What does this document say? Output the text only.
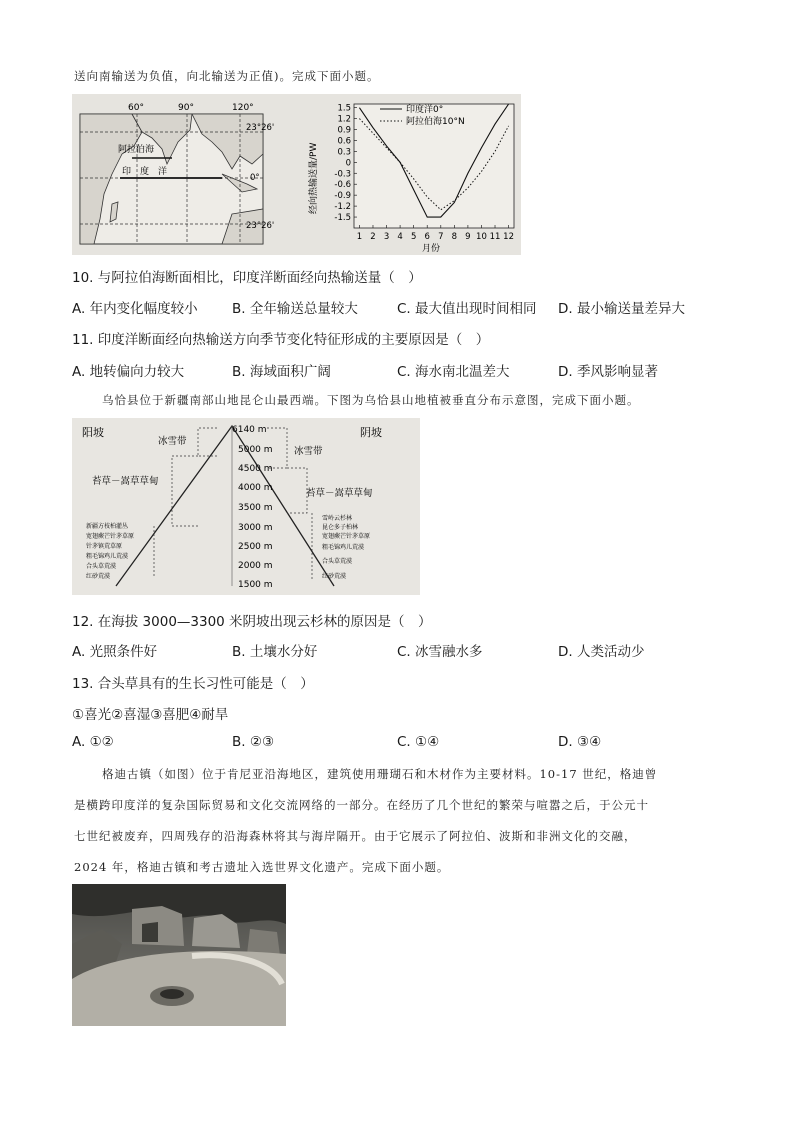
送向南输送为负值，向北输送为正值)。完成下面小题。
60°	90°	120°
23°26'
0°
23°26'
阿拉伯海
印　度　洋	经向热输送量/PW
1.5
1.2
0.9
0.6
0.3
0
-0.3
-0.6
-0.9
-1.2
-1.5
1 2 3 4 5 6 7 8 9 10 11 12
印度洋0°
阿拉伯海10°N
月份
10. 与阿拉伯海断面相比，印度洋断面经向热输送量（　）
A. 年内变化幅度较小	B. 全年输送总量较大	C. 最大值出现时间相同 D. 最小输送量差异大
11. 印度洋断面经向热输送方向季节变化特征形成的主要原因是（　）
A. 地转偏向力较大	B. 海域面积广阔	C. 海水南北温差大	D. 季风影响显著
乌恰县位于新疆南部山地昆仑山最西端。下图为乌恰县山地植被垂直分布示意图，完成下面小题。
阳坡	阴坡
6140 m
5000 m
4500 m
4000 m
3500 m
3000 m
2500 m
2000 m
1500 m
冰雪带
苔草－嵩草草甸
新疆方枝柏灌丛
宽翅蕨芒针茅草原
针茅镇荒草原
粗毛锦鸡儿荒漠
合头草荒漠
红砂荒漠
冰雪带
苔草－嵩草草甸
雪岭云杉林
昆仑多子柏林
宽翅蕨芒针茅草原
粗毛锦鸡儿荒漠
合头草荒漠
红砂荒漠
12. 在海拔 3000—3300 米阴坡出现云杉林的原因是（　）
A. 光照条件好	B. 土壤水分好	C. 冰雪融水多	D. 人类活动少
13. 合头草具有的生长习性可能是（　）
①喜光②喜湿③喜肥④耐旱
A. ①②	B. ②③	C. ①④	D. ③④
格迪古镇（如图）位于肯尼亚沿海地区，建筑使用珊瑚石和木材作为主要材料。10-17 世纪，格迪曾
是横跨印度洋的复杂国际贸易和文化交流网络的一部分。在经历了几个世纪的繁荣与喧嚣之后，于公元十
七世纪被废弃，四周残存的沿海森林将其与海岸隔开。由于它展示了阿拉伯、波斯和非洲文化的交融，
2024 年，格迪古镇和考古遗址入选世界文化遗产。完成下面小题。
